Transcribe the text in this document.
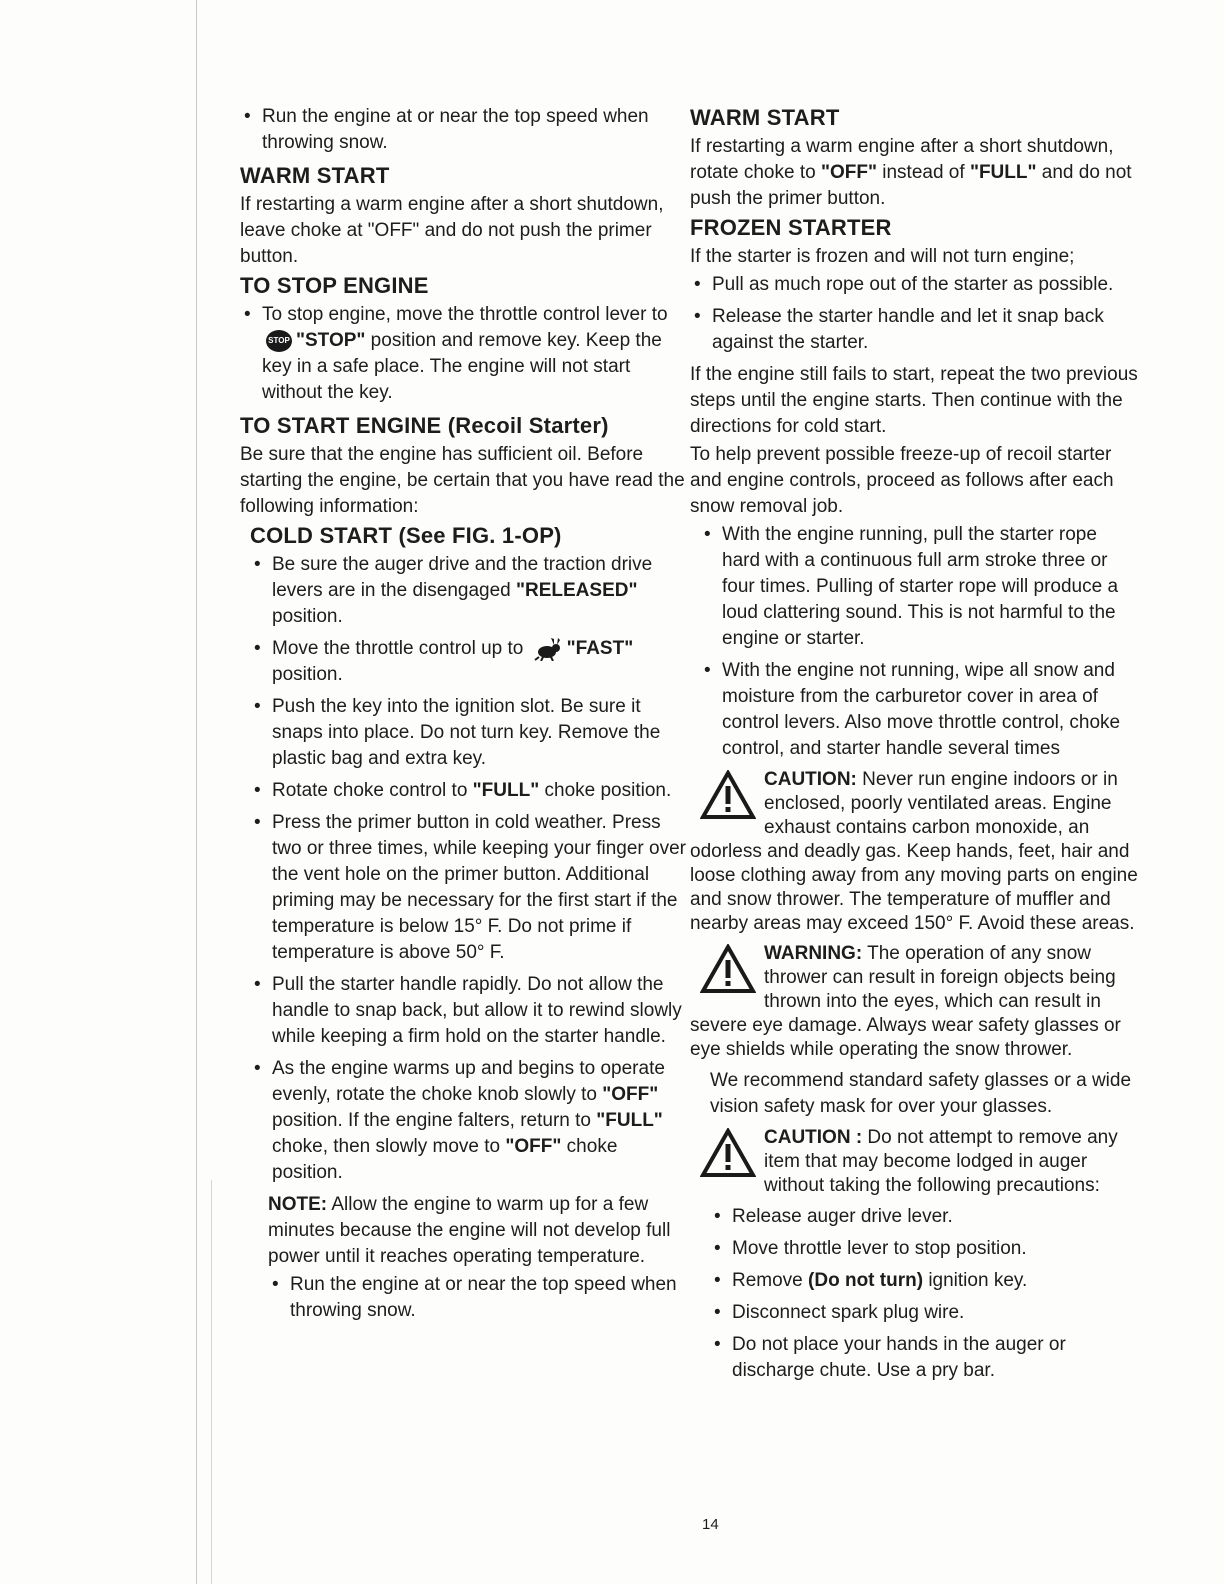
• Run the engine at or near the top speed when throwing snow.
WARM START

If restarting a warm engine after a short shutdown, leave choke at "OFF" and do not push the primer button.

TO STOP ENGINE
• To stop engine, move the throttle control lever to STOP "STOP" position and remove key. Keep the key in a safe place. The engine will not start without the key.
TO START ENGINE (Recoil Starter)

Be sure that the engine has sufficient oil. Before starting the engine, be certain that you have read the following information:

COLD START (See FIG. 1-OP)
• Be sure the auger drive and the traction drive levers are in the disengaged "RELEASED" position.
• Move the throttle control up to "FAST" position.
• Push the key into the ignition slot. Be sure it snaps into place. Do not turn key. Remove the plastic bag and extra key.
• Rotate choke control to "FULL" choke position.
• Press the primer button in cold weather. Press two or three times, while keeping your finger over the vent hole on the primer button. Additional priming may be necessary for the first start if the temperature is below 15° F. Do not prime if temperature is above 50° F.
• Pull the starter handle rapidly. Do not allow the handle to snap back, but allow it to rewind slowly while keeping a firm hold on the starter handle.
• As the engine warms up and begins to operate evenly, rotate the choke knob slowly to "OFF" position. If the engine falters, return to "FULL" choke, then slowly move to "OFF" choke position.

NOTE: Allow the engine to warm up for a few minutes because the engine will not develop full power until it reaches operating temperature.

• Run the engine at or near the top speed when throwing snow.
WARM START

If restarting a warm engine after a short shutdown, rotate choke to "OFF" instead of "FULL" and do not push the primer button.

FROZEN STARTER

If the starter is frozen and will not turn engine;

• Pull as much rope out of the starter as possible.
• Release the starter handle and let it snap back against the starter.

If the engine still fails to start, repeat the two previous steps until the engine starts. Then continue with the directions for cold start.

To help prevent possible freeze-up of recoil starter and engine controls, proceed as follows after each snow removal job.

• With the engine running, pull the starter rope hard with a continuous full arm stroke three or four times. Pulling of starter rope will produce a loud clattering sound. This is not harmful to the engine or starter.
• With the engine not running, wipe all snow and moisture from the carburetor cover in area of control levers. Also move throttle control, choke control, and starter handle several times
CAUTION: Never run engine indoors or in enclosed, poorly ventilated areas. Engine exhaust contains carbon monoxide, an odorless and deadly gas. Keep hands, feet, hair and loose clothing away from any moving parts on engine and snow thrower. The temperature of muffler and nearby areas may exceed 150° F. Avoid these areas.
WARNING: The operation of any snow thrower can result in foreign objects being thrown into the eyes, which can result in severe eye damage. Always wear safety glasses or eye shields while operating the snow thrower.

We recommend standard safety glasses or a wide vision safety mask for over your glasses.

CAUTION : Do not attempt to remove any item that may become lodged in auger without taking the following precautions:
• Release auger drive lever.
• Move throttle lever to stop position.
• Remove (Do not turn) ignition key.
• Disconnect spark plug wire.
• Do not place your hands in the auger or discharge chute. Use a pry bar.
14
